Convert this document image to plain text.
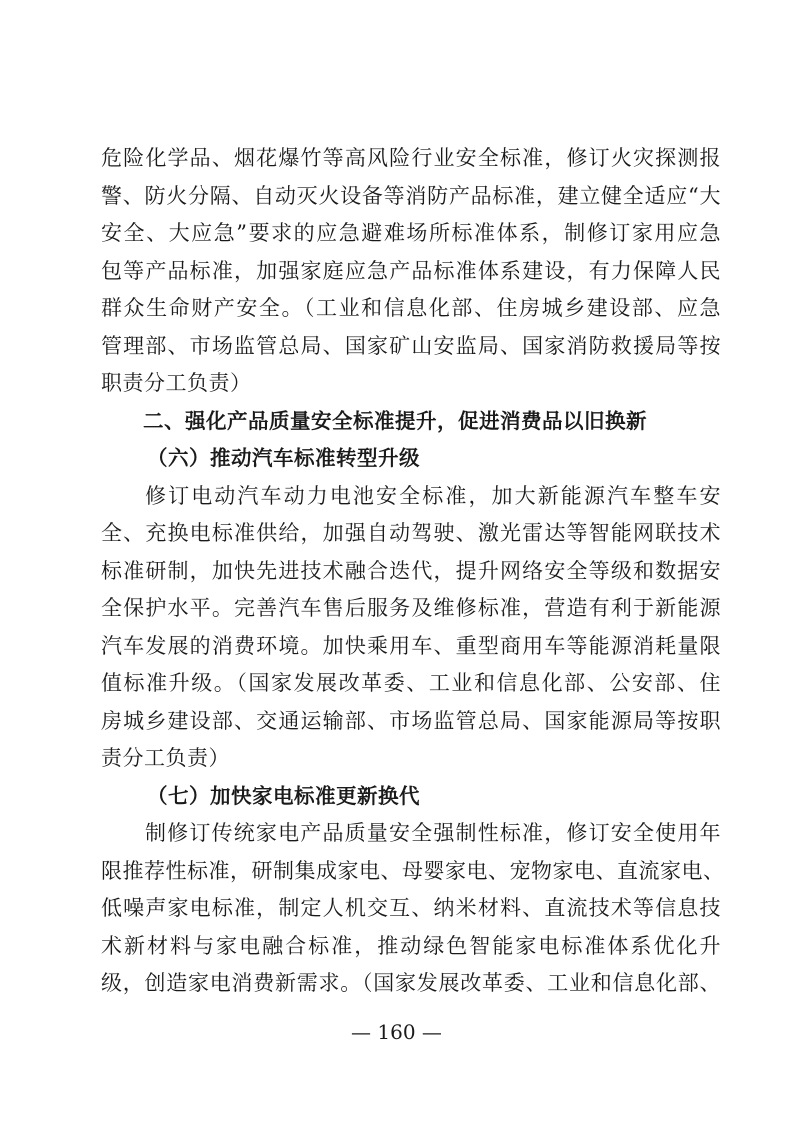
危险化学品、烟花爆竹等高风险行业安全标准，修订火灾探测报
警、防火分隔、自动灭火设备等消防产品标准，建立健全适应“大
安全、大应急”要求的应急避难场所标准体系，制修订家用应急
包等产品标准，加强家庭应急产品标准体系建设，有力保障人民
群众生命财产安全。（工业和信息化部、住房城乡建设部、应急
管理部、市场监管总局、国家矿山安监局、国家消防救援局等按
职责分工负责）
二、强化产品质量安全标准提升，促进消费品以旧换新
（六）推动汽车标准转型升级
修订电动汽车动力电池安全标准，加大新能源汽车整车安
全、充换电标准供给，加强自动驾驶、激光雷达等智能网联技术
标准研制，加快先进技术融合迭代，提升网络安全等级和数据安
全保护水平。完善汽车售后服务及维修标准，营造有利于新能源
汽车发展的消费环境。加快乘用车、重型商用车等能源消耗量限
值标准升级。（国家发展改革委、工业和信息化部、公安部、住
房城乡建设部、交通运输部、市场监管总局、国家能源局等按职
责分工负责）
（七）加快家电标准更新换代
制修订传统家电产品质量安全强制性标准，修订安全使用年
限推荐性标准，研制集成家电、母婴家电、宠物家电、直流家电、
低噪声家电标准，制定人机交互、纳米材料、直流技术等信息技
术新材料与家电融合标准，推动绿色智能家电标准体系优化升
级，创造家电消费新需求。（国家发展改革委、工业和信息化部、
— 160 —
